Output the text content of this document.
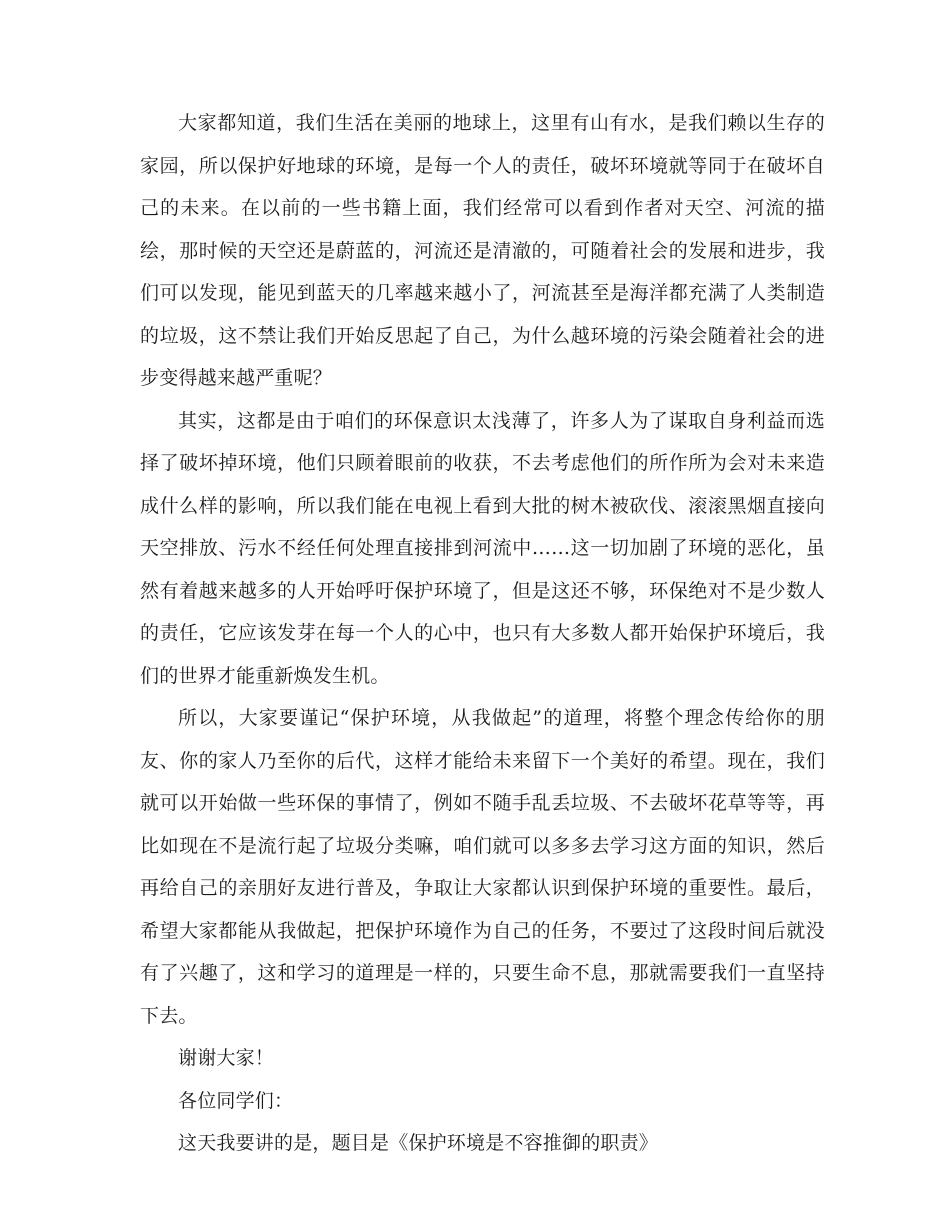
大家都知道，我们生活在美丽的地球上，这里有山有水，是我们赖以生存的家园，所以保护好地球的环境，是每一个人的责任，破坏环境就等同于在破坏自己的未来。在以前的一些书籍上面，我们经常可以看到作者对天空、河流的描绘，那时候的天空还是蔚蓝的，河流还是清澈的，可随着社会的发展和进步，我们可以发现，能见到蓝天的几率越来越小了，河流甚至是海洋都充满了人类制造的垃圾，这不禁让我们开始反思起了自己，为什么越环境的污染会随着社会的进步变得越来越严重呢？

其实，这都是由于咱们的环保意识太浅薄了，许多人为了谋取自身利益而选择了破坏掉环境，他们只顾着眼前的收获，不去考虑他们的所作所为会对未来造成什么样的影响，所以我们能在电视上看到大批的树木被砍伐、滚滚黑烟直接向天空排放、污水不经任何处理直接排到河流中……这一切加剧了环境的恶化，虽然有着越来越多的人开始呼吁保护环境了，但是这还不够，环保绝对不是少数人的责任，它应该发芽在每一个人的心中，也只有大多数人都开始保护环境后，我们的世界才能重新焕发生机。

所以，大家要谨记“保护环境，从我做起”的道理，将整个理念传给你的朋友、你的家人乃至你的后代，这样才能给未来留下一个美好的希望。现在，我们就可以开始做一些环保的事情了，例如不随手乱丢垃圾、不去破坏花草等等，再比如现在不是流行起了垃圾分类嘛，咱们就可以多多去学习这方面的知识，然后再给自己的亲朋好友进行普及，争取让大家都认识到保护环境的重要性。最后，希望大家都能从我做起，把保护环境作为自己的任务，不要过了这段时间后就没有了兴趣了，这和学习的道理是一样的，只要生命不息，那就需要我们一直坚持下去。

谢谢大家！

各位同学们：

这天我要讲的是，题目是《保护环境是不容推御的职责》
